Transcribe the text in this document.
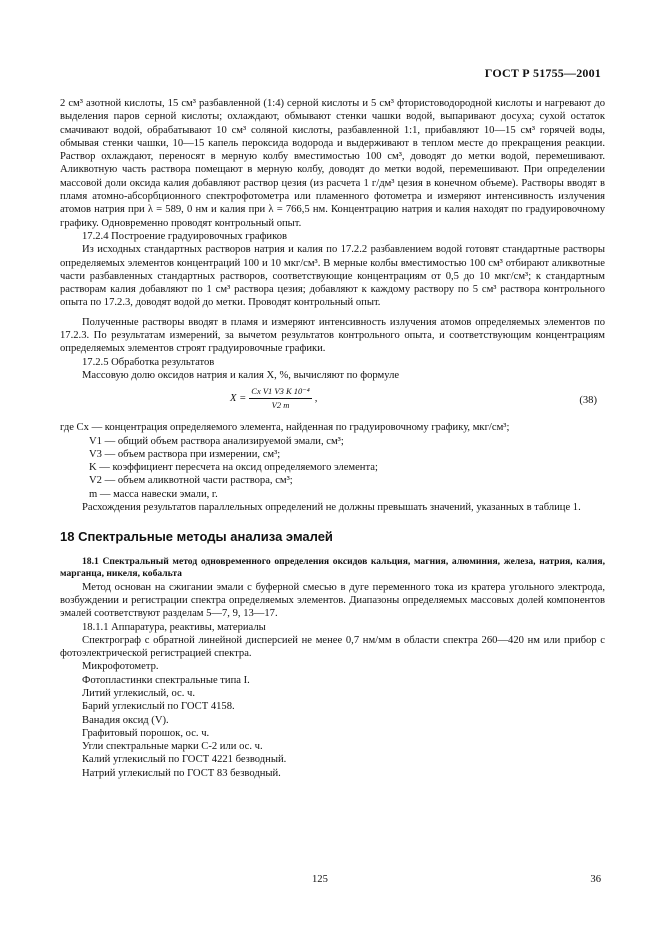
ГОСТ Р 51755—2001

2 см³ азотной кислоты, 15 см³ разбавленной (1:4) серной кислоты и 5 см³ фтористоводородной кислоты и нагревают до выделения паров серной кислоты; охлаждают, обмывают стенки чашки водой, выпаривают досуха; сухой остаток смачивают водой, обрабатывают 10 см³ соляной кислоты, разбавленной 1:1, прибавляют 10—15 см³ горячей воды, обмывая стенки чашки, 10—15 капель пероксида водорода и выдерживают в теплом месте до прекращения реакции. Раствор охлаждают, переносят в мерную колбу вместимостью 100 см³, доводят до метки водой, перемешивают. Аликвотную часть раствора помещают в мерную колбу, доводят до метки водой, перемешивают. При определении массовой доли оксида калия добавляют раствор цезия (из расчета 1 г/дм³ цезия в конечном объеме). Растворы вводят в пламя атомно-абсорбционного спектрофотометра или пламенного фотометра и измеряют интенсивность излучения атомов натрия при λ = 589, 0 нм и калия при λ = 766,5 нм. Концентрацию натрия и калия находят по градуировочному графику. Одновременно проводят контрольный опыт.

17.2.4 Построение градуировочных графиков

Из исходных стандартных растворов натрия и калия по 17.2.2 разбавлением водой готовят стандартные растворы определяемых элементов концентраций 100 и 10 мкг/см³. В мерные колбы вместимостью 100 см³ отбирают аликвотные части разбавленных стандартных растворов, соответствующие концентрациям от 0,5 до 10 мкг/см³; к стандартным растворам калия добавляют по 1 см³ раствора цезия; добавляют к каждому раствору по 5 см³ раствора контрольного опыта по 17.2.3, доводят водой до метки. Проводят контрольный опыт.

Полученные растворы вводят в пламя и измеряют интенсивность излучения атомов определяемых элементов по 17.2.3. По результатам измерений, за вычетом результатов контрольного опыта, и соответствующим концентрациям определяемых элементов строят градуировочные графики.

17.2.5 Обработка результатов

Массовую долю оксидов натрия и калия X, %, вычисляют по формуле

$X = \frac{\text{Cx V1 V3 K 10⁻⁴}}{V2 m}$ ,	(38)

где Cx — концентрация определяемого элемента, найденная по градуировочному графику, мкг/см³;

V1 — общий объем раствора анализируемой эмали, см³;

V3 — объем раствора при измерении, см³;

K — коэффициент пересчета на оксид определяемого элемента;

V2 — объем аликвотной части раствора, см³;

m — масса навески эмали, г.

Расхождения результатов параллельных определений не должны превышать значений, указанных в таблице 1.

18 Спектральные методы анализа эмалей

18.1 Спектральный метод одновременного определения оксидов кальция, магния, алюминия, железа, натрия, калия, марганца, никеля, кобальта

Метод основан на сжигании эмали с буферной смесью в дуге переменного тока из кратера угольного электрода, возбуждении и регистрации спектра определяемых элементов. Диапазоны определяемых массовых долей компонентов эмалей соответствуют разделам 5—7, 9, 13—17.

18.1.1 Аппаратура, реактивы, материалы

Спектрограф с обратной линейной дисперсией не менее 0,7 нм/мм в области спектра 260—420 нм или прибор с фотоэлектрической регистрацией спектра.

Микрофотометр.

Фотопластинки спектральные типа I.

Литий углекислый, ос. ч.

Барий углекислый по ГОСТ 4158.

Ванадия оксид (V).

Графитовый порошок, ос. ч.

Угли спектральные марки С-2 или ос. ч.

Калий углекислый по ГОСТ 4221 безводный.

Натрий углекислый по ГОСТ 83 безводный.

125	36
